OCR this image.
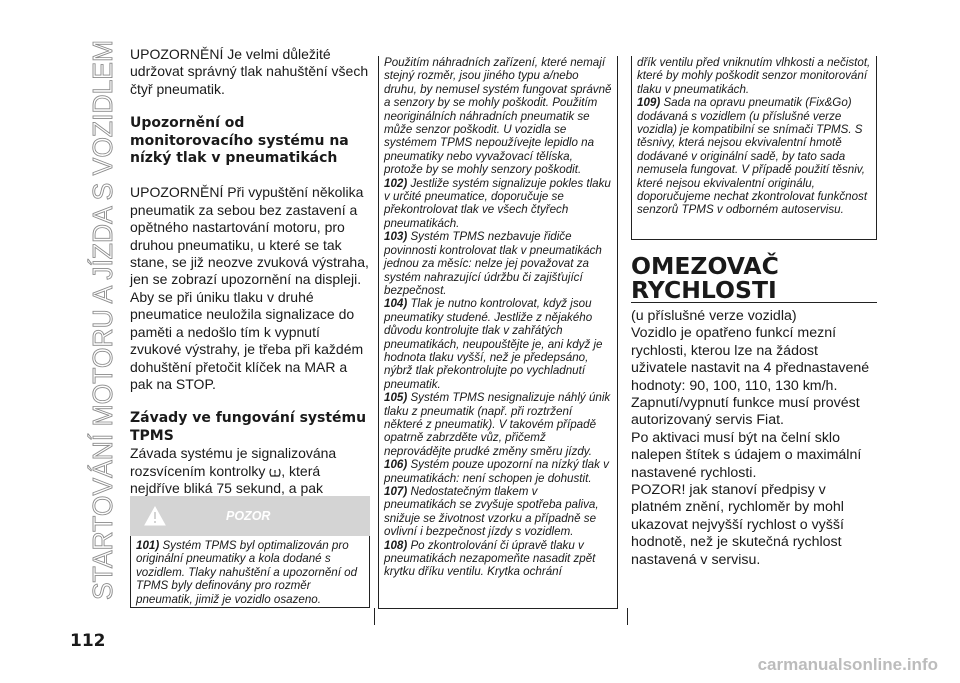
STARTOVÁNÍ MOTORU A JÍZDA S VOZIDLEM
112

UPOZORNĚNÍ Je velmi důležité udržovat správný tlak nahuštění všech čtyř pneumatik.

Upozornění od monitorovacího systému na nízký tlak v pneumatikách

UPOZORNĚNÍ Při vypuštění několika pneumatik za sebou bez zastavení a opětného nastartování motoru, pro druhou pneumatiku, u které se tak stane, se již neozve zvuková výstraha, jen se zobrazí upozornění na displeji. Aby se při úniku tlaku v druhé pneumatice neuložila signalizace do paměti a nedošlo tím k vypnutí zvukové výstrahy, je třeba při každém dohuštění přetočit klíček na MAR a pak na STOP.

Závady ve fungování systému TPMS

Závada systému je signalizována rozsvícením kontrolky , která nejdříve bliká 75 sekund, a pak

POZOR

101) Systém TPMS byl optimalizován pro originální pneumatiky a kola dodané s vozidlem. Tlaky nahuštění a upozornění od TPMS byly definovány pro rozměr pneumatik, jimiž je vozidlo osazeno.

Použitím náhradních zařízení, které nemají stejný rozměr, jsou jiného typu a/nebo druhu, by nemusel systém fungovat správně a senzory by se mohly poškodit. Použitím neoriginálních náhradních pneumatik se může senzor poškodit. U vozidla se systémem TPMS nepoužívejte lepidlo na pneumatiky nebo vyvažovací tělíska, protože by se mohly senzory poškodit.

102) Jestliže systém signalizuje pokles tlaku v určité pneumatice, doporučuje se překontrolovat tlak ve všech čtyřech pneumatikách.

103) Systém TPMS nezbavuje řidiče povinnosti kontrolovat tlak v pneumatikách jednou za měsíc: nelze jej považovat za systém nahrazující údržbu či zajišťující bezpečnost.

104) Tlak je nutno kontrolovat, když jsou pneumatiky studené. Jestliže z nějakého důvodu kontrolujte tlak v zahřátých pneumatikách, neupouštějte je, ani když je hodnota tlaku vyšší, než je předepsáno, nýbrž tlak překontrolujte po vychladnutí pneumatik.

105) Systém TPMS nesignalizuje náhlý únik tlaku z pneumatik (např. při roztržení některé z pneumatik). V takovém případě opatrně zabrzděte vůz, přičemž neprovádějte prudké změny směru jízdy.

106) Systém pouze upozorní na nízký tlak v pneumatikách: není schopen je dohustit.

107) Nedostatečným tlakem v pneumatikách se zvyšuje spotřeba paliva, snižuje se životnost vzorku a případně se ovlivní i bezpečnost jízdy s vozidlem.

108) Po zkontrolování či úpravě tlaku v pneumatikách nezapomeňte nasadit zpět krytku dříku ventilu. Krytka ochrání

dřík ventilu před vniknutím vlhkosti a nečistot, které by mohly poškodit senzor monitorování tlaku v pneumatikách.

109) Sada na opravu pneumatik (Fix&Go) dodávaná s vozidlem (u příslušné verze vozidla) je kompatibilní se snímači TPMS. S těsnivy, která nejsou ekvivalentní hmotě dodávané v originální sadě, by tato sada nemusela fungovat. V případě použití těsniv, které nejsou ekvivalentní originálu, doporučujeme nechat zkontrolovat funkčnost senzorů TPMS v odborném autoservisu.

OMEZOVAČ
RYCHLOSTI

(u příslušné verze vozidla)

Vozidlo je opatřeno funkcí mezní rychlosti, kterou lze na žádost uživatele nastavit na 4 přednastavené hodnoty: 90, 100, 110, 130 km/h.

Zapnutí/vypnutí funkce musí provést autorizovaný servis Fiat.

Po aktivaci musí být na čelní sklo nalepen štítek s údajem o maximální nastavené rychlosti.

POZOR! jak stanoví předpisy v platném znění, rychloměr by mohl ukazovat nejvyšší rychlost o vyšší hodnotě, než je skutečná rychlost nastavená v servisu.

carmanualsonline.info
